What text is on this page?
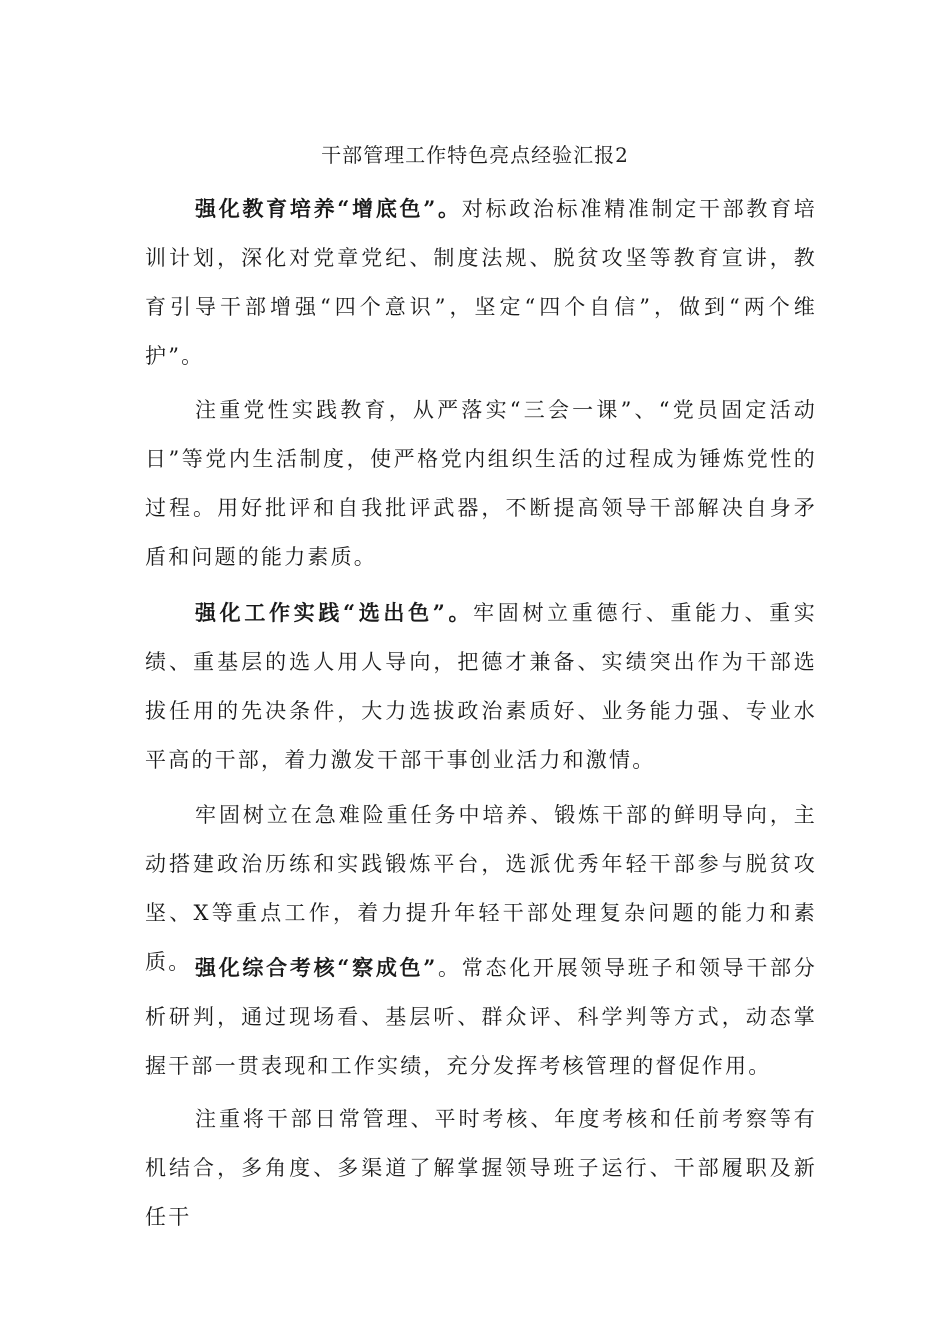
干部管理工作特色亮点经验汇报2

强化教育培养“增底色”。对标政治标准精准制定干部教育培训计划，深化对党章党纪、制度法规、脱贫攻坚等教育宣讲，教育引导干部增强“四个意识”，坚定“四个自信”，做到“两个维护”。

注重党性实践教育，从严落实“三会一课”、“党员固定活动日”等党内生活制度，使严格党内组织生活的过程成为锤炼党性的过程。用好批评和自我批评武器，不断提高领导干部解决自身矛盾和问题的能力素质。

强化工作实践“选出色”。牢固树立重德行、重能力、重实绩、重基层的选人用人导向，把德才兼备、实绩突出作为干部选拔任用的先决条件，大力选拔政治素质好、业务能力强、专业水平高的干部，着力激发干部干事创业活力和激情。

牢固树立在急难险重任务中培养、锻炼干部的鲜明导向，主动搭建政治历练和实践锻炼平台，选派优秀年轻干部参与脱贫攻坚、X等重点工作，着力提升年轻干部处理复杂问题的能力和素质。 强化综合考核“察成色”。常态化开展领导班子和领导干部分析研判，通过现场看、基层听、群众评、科学判等方式，动态掌握干部一贯表现和工作实绩，充分发挥考核管理的督促作用。

注重将干部日常管理、平时考核、年度考核和任前考察等有机结合，多角度、多渠道了解掌握领导班子运行、干部履职及新任干
